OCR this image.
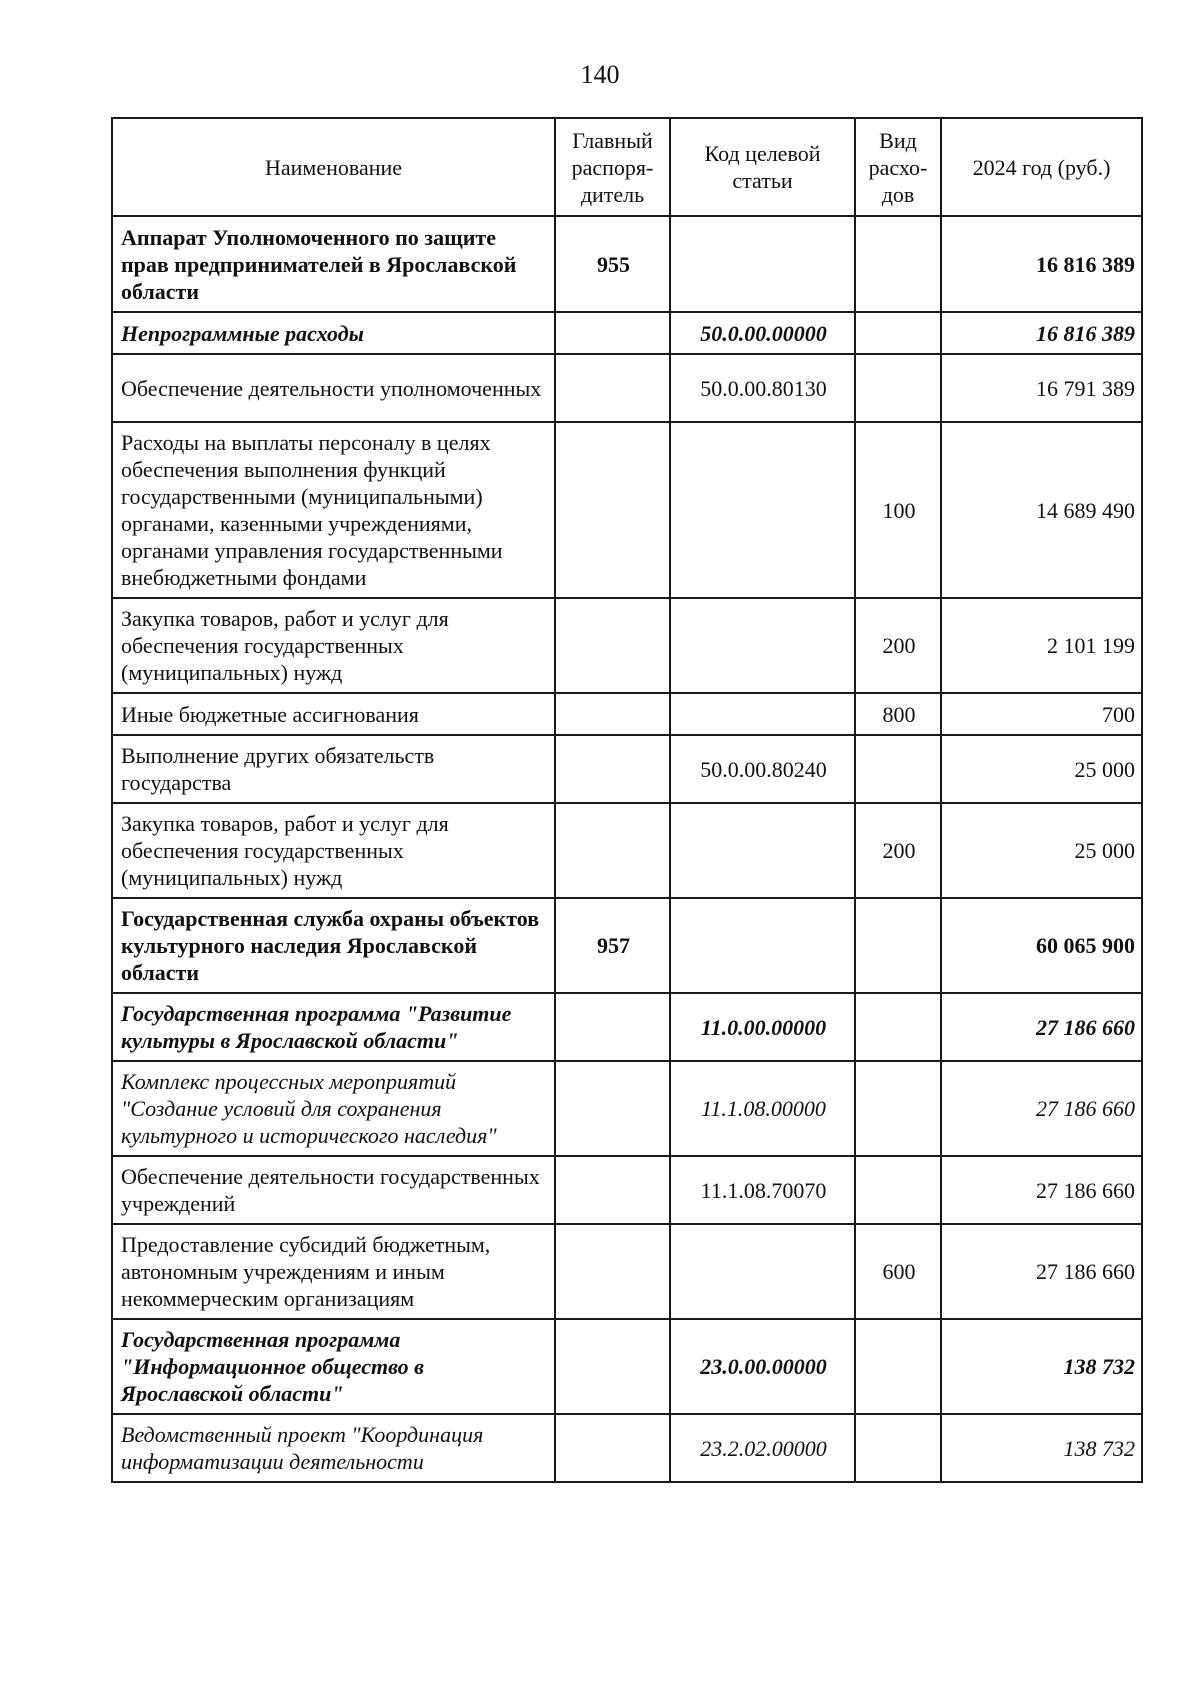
140
Наименование	Главный распоря-дитель	Код целевой статьи	Вид расхо-дов	2024 год (руб.)
Аппарат Уполномоченного по защите прав предпринимателей в Ярославской области	955			16 816 389
Непрограммные расходы		50.0.00.00000		16 816 389
Обеспечение деятельности уполномоченных		50.0.00.80130		16 791 389
Расходы на выплаты персоналу в целях обеспечения выполнения функций государственными (муниципальными) органами, казенными учреждениями, органами управления государственными внебюджетными фондами			100	14 689 490
Закупка товаров, работ и услуг для обеспечения государственных (муниципальных) нужд			200	2 101 199
Иные бюджетные ассигнования			800	700
Выполнение других обязательств государства		50.0.00.80240		25 000
Закупка товаров, работ и услуг для обеспечения государственных (муниципальных) нужд			200	25 000
Государственная служба охраны объектов культурного наследия Ярославской области	957			60 065 900
Государственная программа "Развитие культуры в Ярославской области"		11.0.00.00000		27 186 660
Комплекс процессных мероприятий "Создание условий для сохранения культурного и исторического наследия"		11.1.08.00000		27 186 660
Обеспечение деятельности государственных учреждений		11.1.08.70070		27 186 660
Предоставление субсидий бюджетным, автономным учреждениям и иным некоммерческим организациям			600	27 186 660
Государственная программа "Информационное общество в Ярославской области"		23.0.00.00000		138 732
Ведомственный проект "Координация информатизации деятельности		23.2.02.00000		138 732
